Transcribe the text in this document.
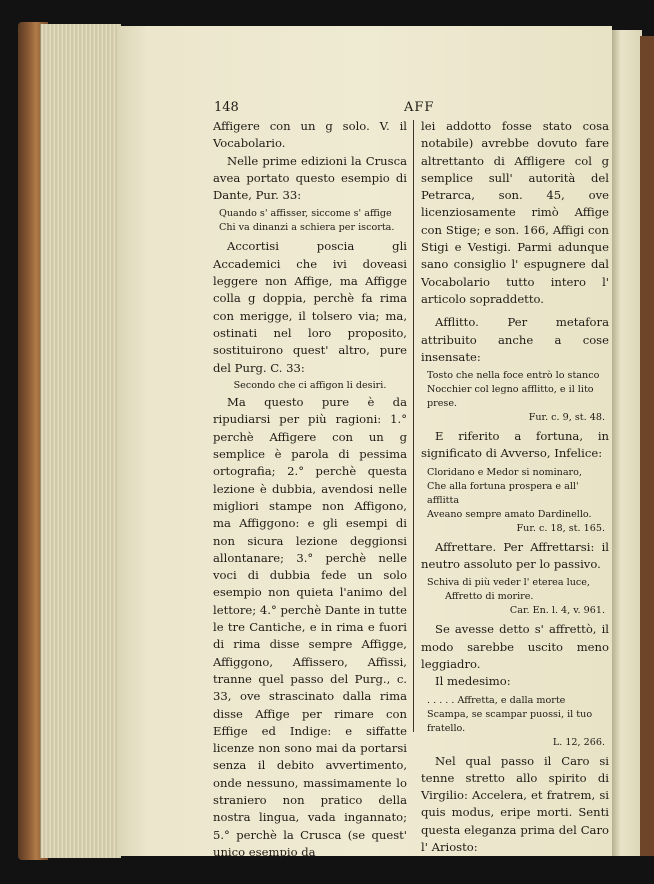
148	AFF

Affigere con un g solo. V. il Vocabolario.

Nelle prime edizioni la Crusca avea portato questo esempio di Dante, Pur. 33:

Quando s' affisser, siccome s' affige
Chi va dinanzi a schiera per iscorta.

Accortisi poscia gli Accademici che ivi doveasi leggere non Affige, ma Affigge colla g doppia, perchè fa rima con merigge, il tolsero via; ma, ostinati nel loro proposito, sostituirono quest' altro, pure del Purg. C. 33:

Secondo che ci affigon li desiri.

Ma questo pure è da ripudiarsi per più ragioni: 1.° perchè Affigere con un g semplice è parola di pessima ortografia; 2.° perchè questa lezione è dubbia, avendosi nelle migliori stampe non Affigono, ma Affiggono: e gli esempi di non sicura lezione deggionsi allontanare; 3.° perchè nelle voci di dubbia fede un solo esempio non quieta l'animo del lettore; 4.° perchè Dante in tutte le tre Cantiche, e in rima e fuori di rima disse sempre Affigge, Affiggono, Affissero, Affissi, tranne quel passo del Purg., c. 33, ove strascinato dalla rima disse Affige per rimare con Effige ed Indige: e siffatte licenze non sono mai da portarsi senza il debito avvertimento, onde nessuno, massimamente lo straniero non pratico della nostra lingua, vada ingannato; 5.° perchè la Crusca (se quest' unico esempio da

lei addotto fosse stato cosa notabile) avrebbe dovuto fare altrettanto di Affligere col g semplice sull' autorità del Petrarca, son. 45, ove licenziosamente rimò Affige con Stige; e son. 166, Affigi con Stigi e Vestigi. Parmi adunque sano consiglio l' espugnere dal Vocabolario tutto intero l' articolo sopraddetto.

Afflitto. Per metafora attribuito anche a cose insensate:

Tosto che nella foce entrò lo stanco
Nocchier col legno afflitto, e il lito prese.
Fur. c. 9, st. 48.

E riferito a fortuna, in significato di Avverso, Infelice:

Cloridano e Medor si nominaro,
Che alla fortuna prospera e all' afflitta
Aveano sempre amato Dardinello.
Fur. c. 18, st. 165.

Affrettare. Per Affrettarsi: il neutro assoluto per lo passivo.

Schiva di più veder l' eterea luce,
Affretto di morire.
Car. En. l. 4, v. 961.

Se avesse detto s' affrettò, il modo sarebbe uscito meno leggiadro.

Il medesimo:

. . . . . Affretta, e dalla morte
Scampa, se scampar puossi, il tuo fratello.
L. 12, 266.

Nel qual passo il Caro si tenne stretto allo spirito di Virgilio: Accelera, et fratrem, si quis modus, eripe morti. Senti questa eleganza prima del Caro l' Ariosto:
